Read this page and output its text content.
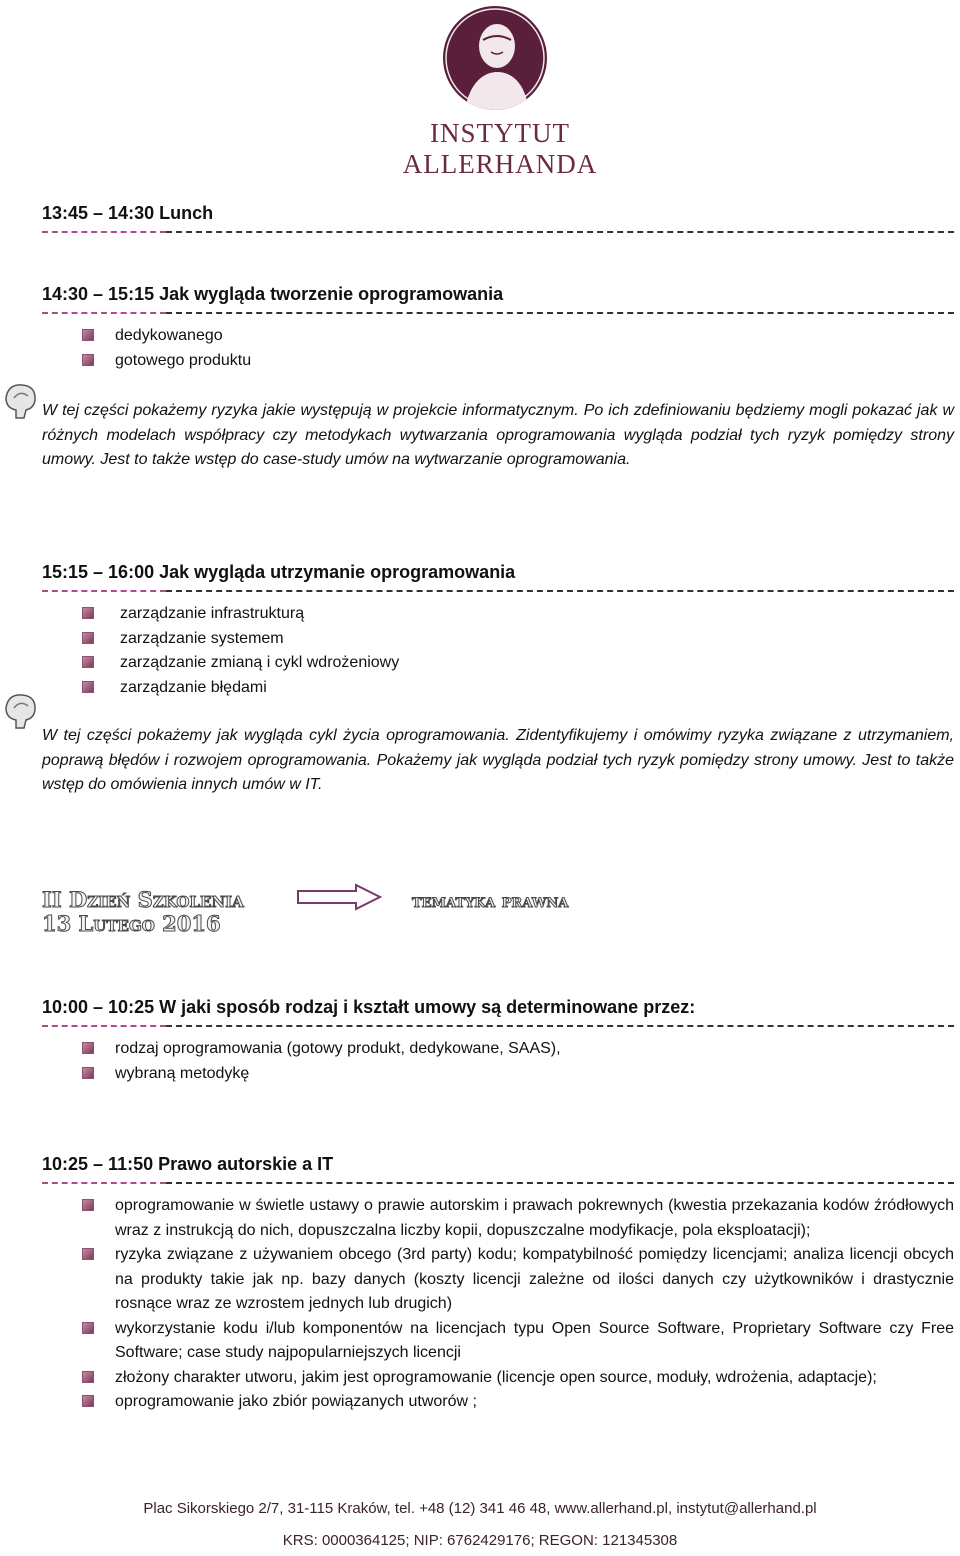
INSTYTUT ALLERHANDA
13:45 – 14:30 Lunch
14:30 – 15:15 Jak wygląda tworzenie oprogramowania
dedykowanego
gotowego produktu
W tej części pokażemy ryzyka jakie występują w projekcie informatycznym. Po ich zdefiniowaniu będziemy mogli pokazać jak w różnych modelach współpracy czy metodykach wytwarzania oprogramowania wygląda podział tych ryzyk pomiędzy strony umowy. Jest to także wstęp do case-study umów na wytwarzanie oprogramowania.
15:15 – 16:00 Jak wygląda utrzymanie oprogramowania
zarządzanie infrastrukturą
zarządzanie systemem
zarządzanie zmianą i cykl wdrożeniowy
zarządzanie błędami
W tej części pokażemy jak wygląda cykl życia oprogramowania. Zidentyfikujemy i omówimy ryzyka związane z utrzymaniem, poprawą błędów i rozwojem oprogramowania. Pokażemy jak wygląda podział tych ryzyk pomiędzy strony umowy. Jest to także wstęp do omówienia innych umów w IT.
II Dzień Szkolenia
13 Lutego 2016
tematyka prawna
10:00 – 10:25 W jaki sposób rodzaj i kształt umowy są determinowane przez:
rodzaj oprogramowania (gotowy produkt, dedykowane, SAAS),
wybraną metodykę
10:25 – 11:50 Prawo autorskie a IT
oprogramowanie w świetle ustawy o prawie autorskim i prawach pokrewnych (kwestia przekazania kodów źródłowych wraz z instrukcją do nich, dopuszczalna liczby kopii, dopuszczalne modyfikacje, pola eksploatacji);
ryzyka związane z używaniem obcego (3rd party) kodu; kompatybilność pomiędzy licencjami; analiza licencji obcych na produkty takie jak np. bazy danych (koszty licencji zależne od ilości danych czy użytkowników i drastycznie rosnące wraz ze wzrostem jednych lub drugich)
wykorzystanie kodu i/lub komponentów na licencjach typu Open Source Software, Proprietary Software czy Free Software; case study najpopularniejszych licencji
złożony charakter utworu, jakim jest oprogramowanie (licencje open source, moduły, wdrożenia, adaptacje);
oprogramowanie jako zbiór powiązanych utworów ;
Plac Sikorskiego 2/7, 31-115 Kraków, tel. +48 (12) 341 46 48, www.allerhand.pl, instytut@allerhand.pl
KRS: 0000364125; NIP: 6762429176; REGON: 121345308
